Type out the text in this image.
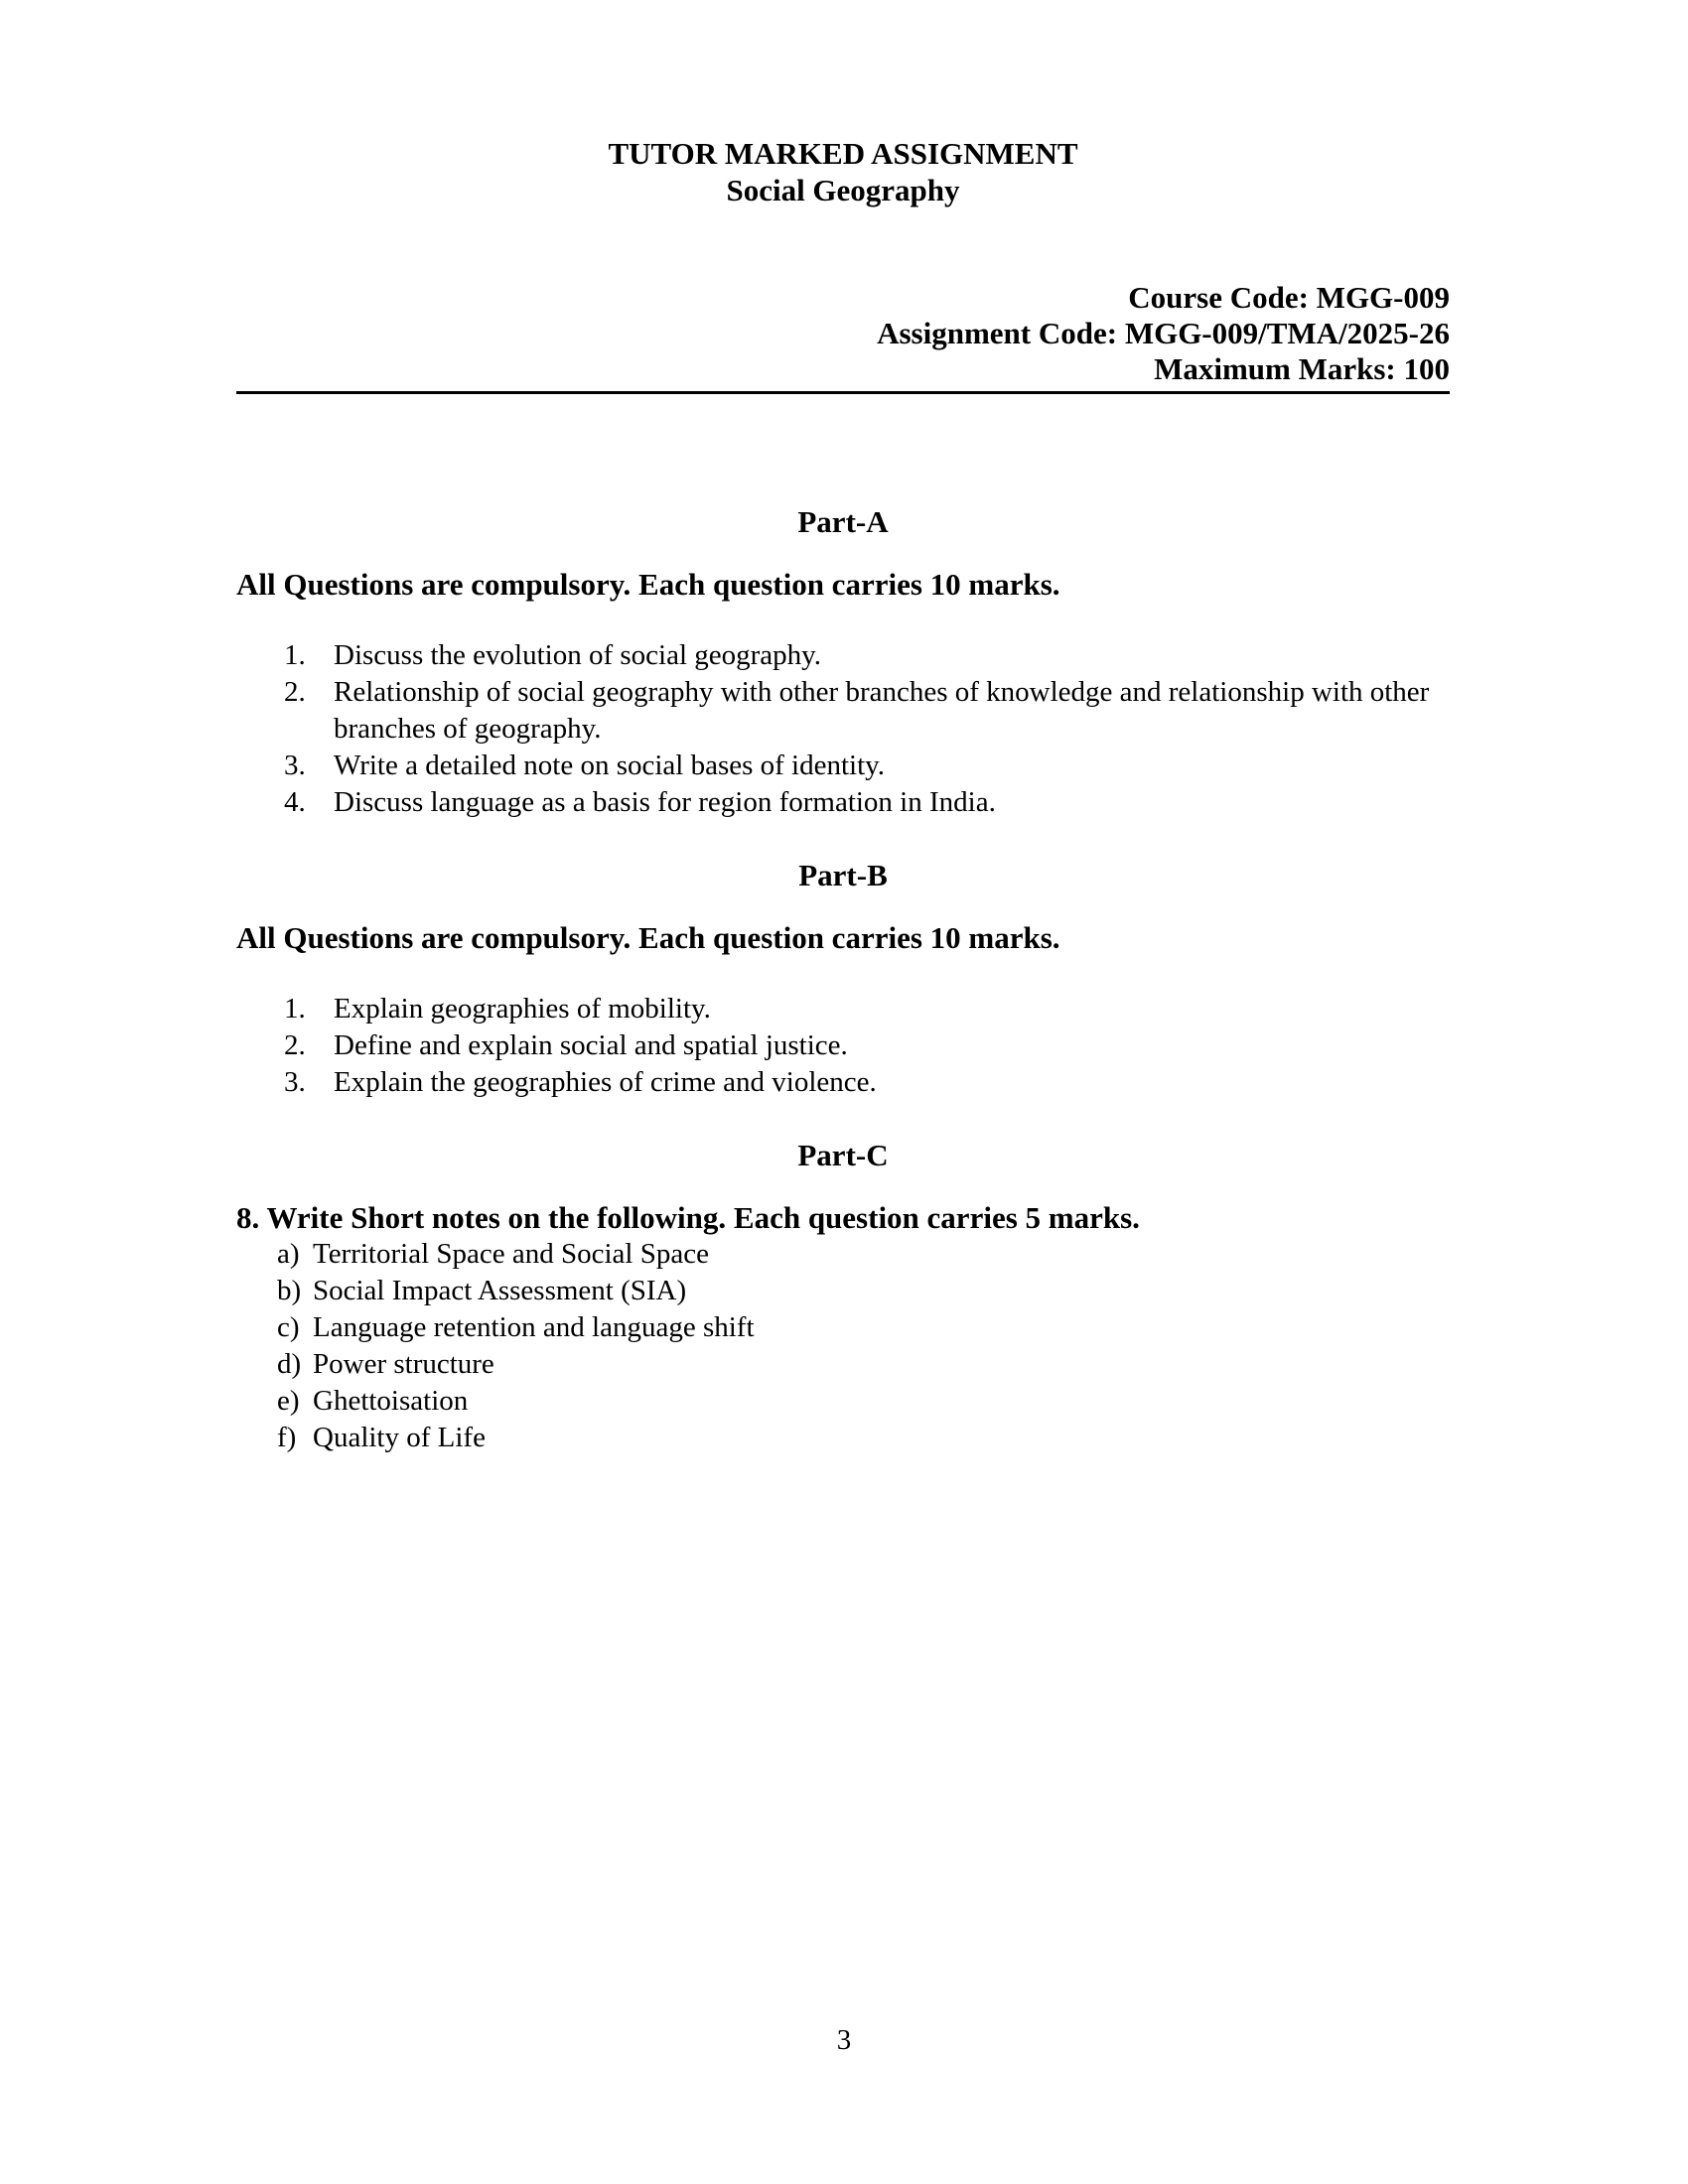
TUTOR MARKED ASSIGNMENT
Social Geography
Course Code: MGG-009
Assignment Code: MGG-009/TMA/2025-26
Maximum Marks: 100
Part-A
All Questions are compulsory. Each question carries 10 marks.
1. Discuss the evolution of social geography.
2. Relationship of social geography with other branches of knowledge and relationship with other branches of geography.
3. Write a detailed note on social bases of identity.
4. Discuss language as a basis for region formation in India.
Part-B
All Questions are compulsory. Each question carries 10 marks.
1. Explain geographies of mobility.
2. Define and explain social and spatial justice.
3. Explain the geographies of crime and violence.
Part-C
8. Write Short notes on the following. Each question carries 5 marks.
a) Territorial Space and Social Space
b) Social Impact Assessment (SIA)
c) Language retention and language shift
d) Power structure
e) Ghettoisation
f) Quality of Life
3
